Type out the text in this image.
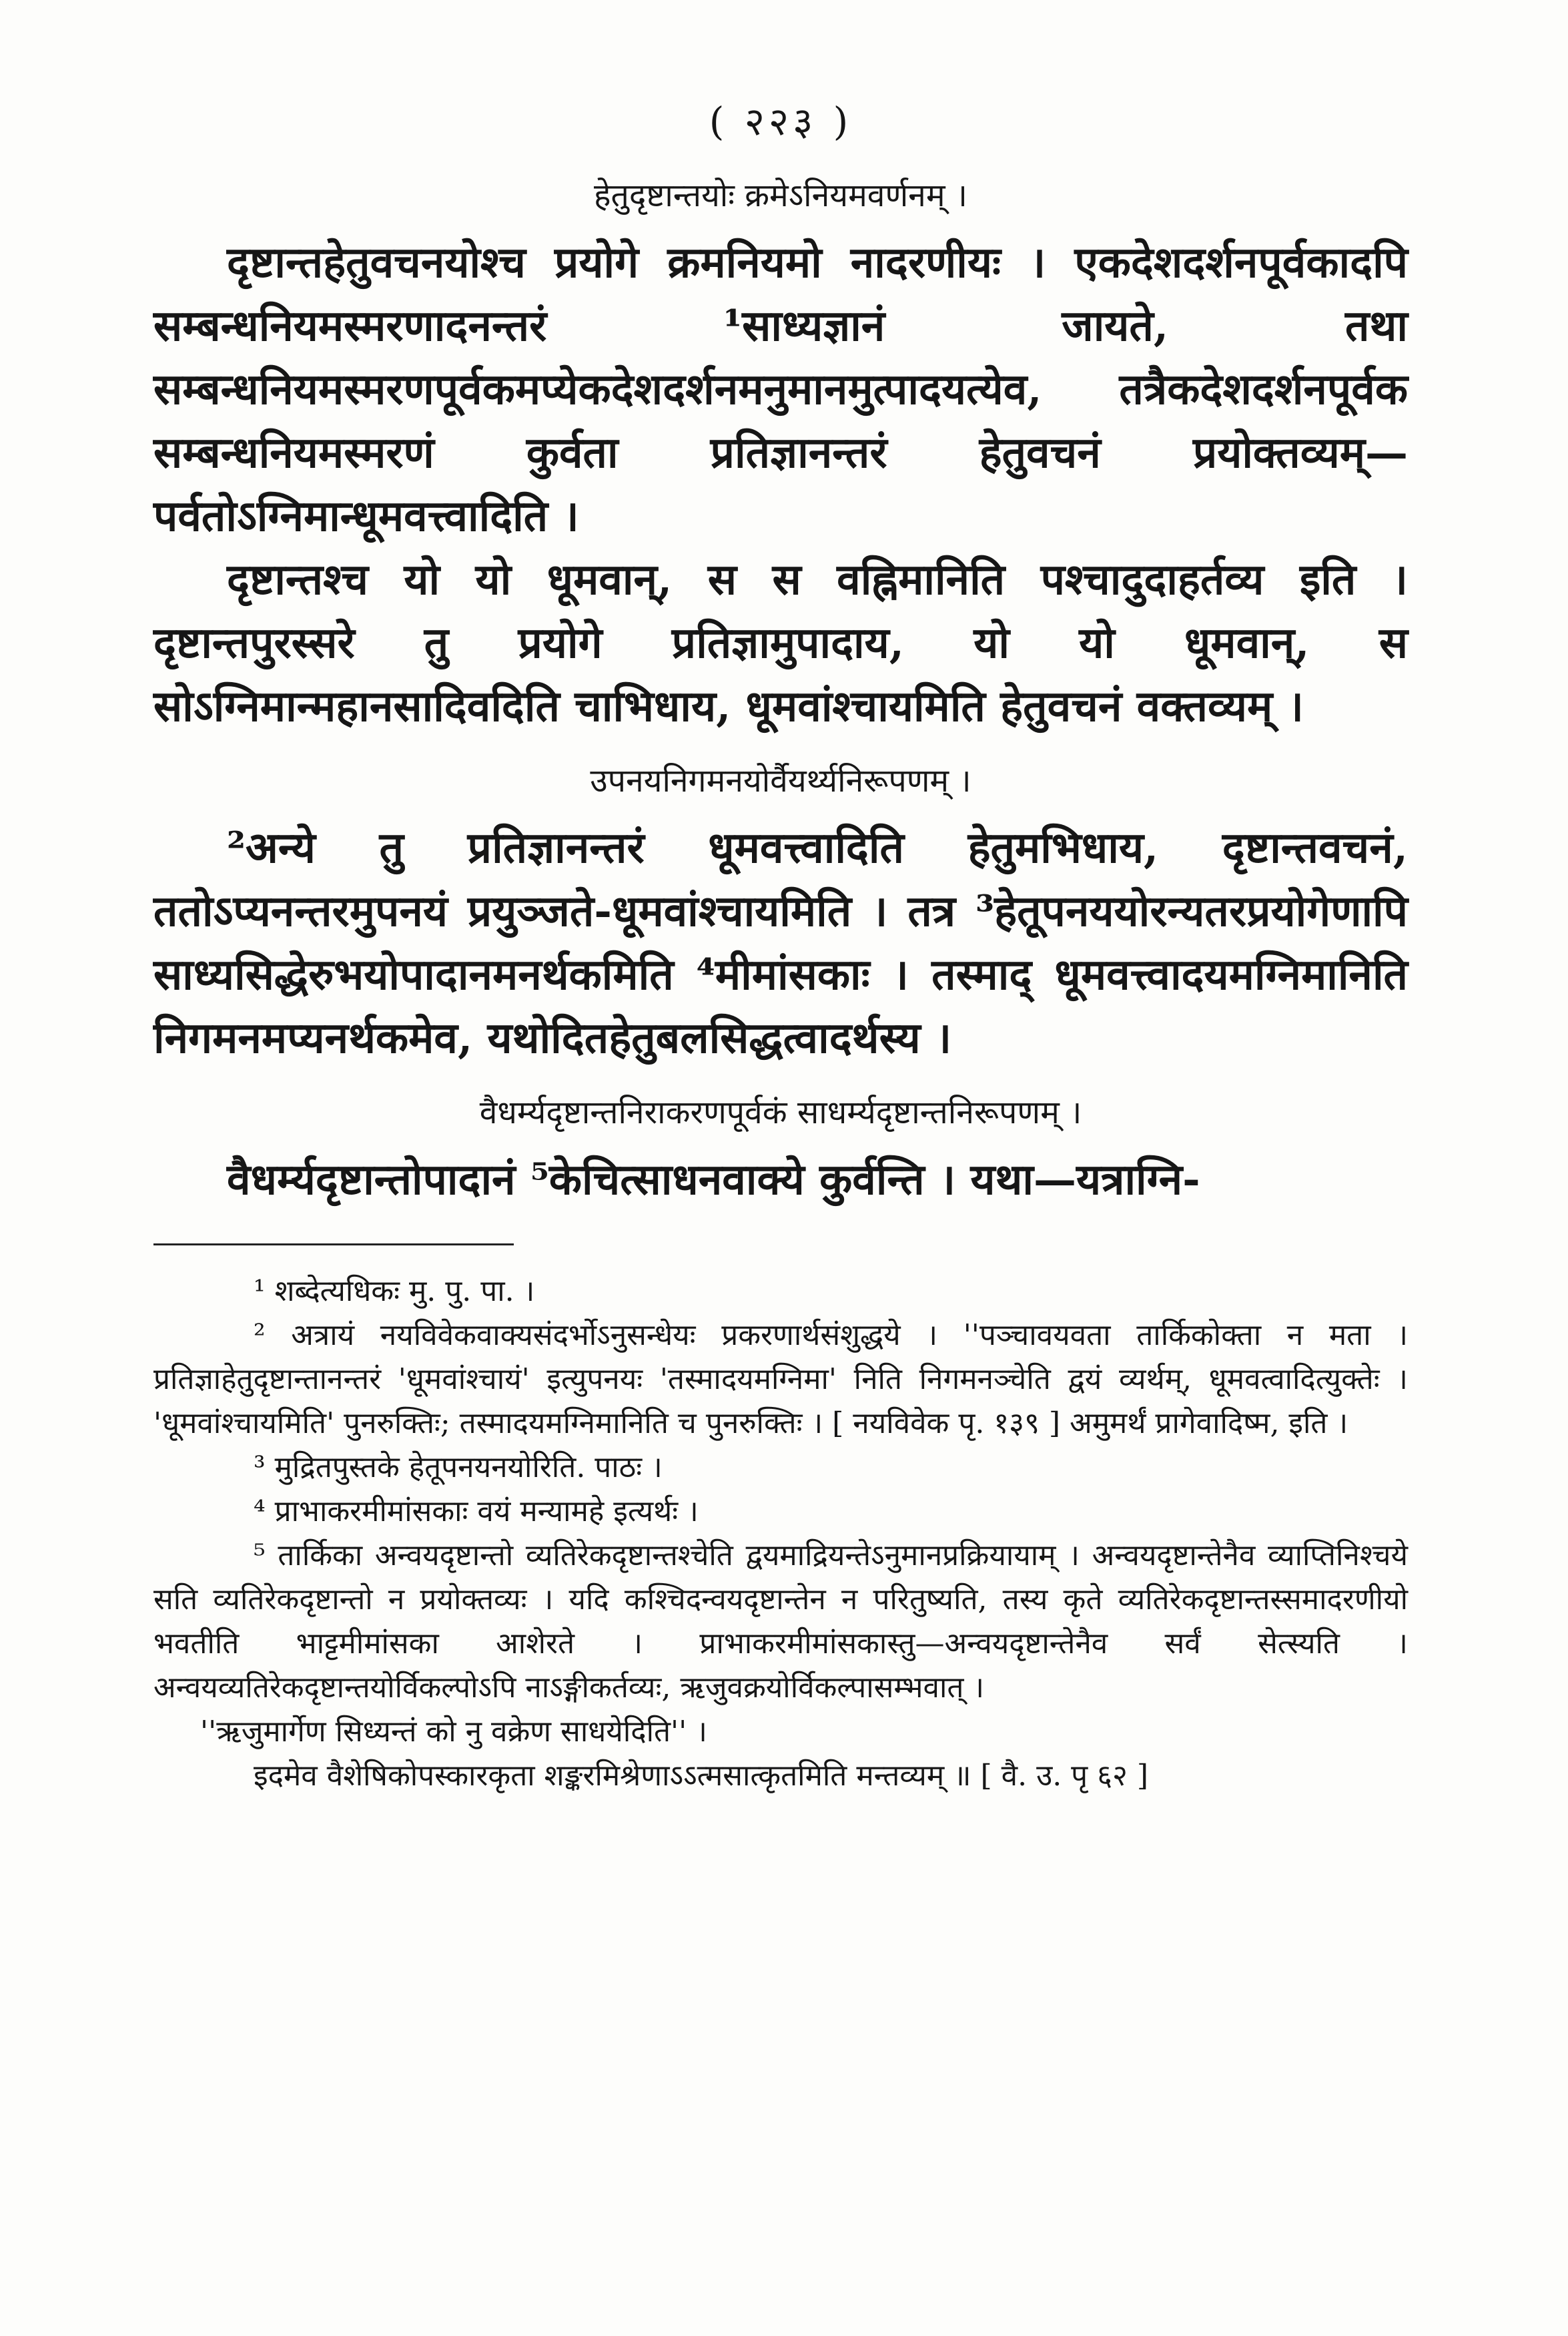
( २२३ )
हेतुदृष्टान्तयोः क्रमेऽनियमवर्णनम् ।

दृष्टान्तहेतुवचनयोश्च प्रयोगे क्रमनियमो नादरणीयः । एकदेशदर्शनपूर्वकादपि सम्बन्धनियमस्मरणादनन्तरं ¹साध्यज्ञानं जायते, तथा सम्बन्धनियमस्मरणपूर्वकमप्येकदेशदर्शनमनुमानमुत्पादयत्येव, तत्रैकदेशदर्शनपूर्वक सम्बन्धनियमस्मरणं कुर्वता प्रतिज्ञानन्तरं हेतुवचनं प्रयोक्तव्यम्—पर्वतोऽग्निमान्धूमवत्त्वादिति ।

दृष्टान्तश्च यो यो धूमवान्, स स वह्निमानिति पश्चादुदाहर्तव्य इति । दृष्टान्तपुरस्सरे तु प्रयोगे प्रतिज्ञामुपादाय, यो यो धूमवान्, स सोऽग्निमान्महानसादिवदिति चाभिधाय, धूमवांश्चायमिति हेतुवचनं वक्तव्यम् ।

उपनयनिगमनयोर्वैयर्थ्यनिरूपणम् ।

²अन्ये तु प्रतिज्ञानन्तरं धूमवत्त्वादिति हेतुमभिधाय, दृष्टान्तवचनं, ततोऽप्यनन्तरमुपनयं प्रयुञ्जते-धूमवांश्चायमिति । तत्र ³हेतूपनययोरन्यतरप्रयोगेणापि साध्यसिद्धेरुभयोपादानमनर्थकमिति ⁴मीमांसकाः । तस्माद् धूमवत्त्वादयमग्निमानिति निगमनमप्यनर्थकमेव, यथोदितहेतुबलसिद्धत्वादर्थस्य ।

वैधर्म्यदृष्टान्तनिराकरणपूर्वकं साधर्म्यदृष्टान्तनिरूपणम् ।

वैधर्म्यदृष्टान्तोपादानं ⁵केचित्साधनवाक्ये कुर्वन्ति । यथा—यत्राग्नि-

¹ शब्देत्यधिकः मु. पु. पा. ।

² अत्रायं नयविवेकवाक्यसंदर्भोऽनुसन्धेयः प्रकरणार्थसंशुद्धये । ''पञ्चावयवता तार्किकोक्ता न मता । प्रतिज्ञाहेतुदृष्टान्तानन्तरं 'धूमवांश्चायं' इत्युपनयः 'तस्मादयमग्निमा' निति निगमनञ्चेति द्वयं व्यर्थम्, धूमवत्वादित्युक्तेः । 'धूमवांश्चायमिति' पुनरुक्तिः; तस्मादयमग्निमानिति च पुनरुक्तिः । [ नयविवेक पृ. १३९ ] अमुमर्थं प्रागेवादिष्म, इति ।

³ मुद्रितपुस्तके हेतूपनयनयोरिति. पाठः ।

⁴ प्राभाकरमीमांसकाः वयं मन्यामहे इत्यर्थः ।

⁵ तार्किका अन्वयदृष्टान्तो व्यतिरेकदृष्टान्तश्चेति द्वयमाद्रियन्तेऽनुमानप्रक्रियायाम् । अन्वयदृष्टान्तेनैव व्याप्तिनिश्चये सति व्यतिरेकदृष्टान्तो न प्रयोक्तव्यः । यदि कश्चिदन्वयदृष्टान्तेन न परितुष्यति, तस्य कृते व्यतिरेकदृष्टान्तस्समादरणीयो भवतीति भाट्टमीमांसका आशेरते । प्राभाकरमीमांसकास्तु—अन्वयदृष्टान्तेनैव सर्वं सेत्स्यति । अन्वयव्यतिरेकदृष्टान्तयोर्विकल्पोऽपि नाऽङ्गीकर्तव्यः, ऋजुवक्रयोर्विकल्पासम्भवात् ।

''ऋजुमार्गेण सिध्यन्तं को नु वक्रेण साधयेदिति'' ।

इदमेव वैशेषिकोपस्कारकृता शङ्करमिश्रेणाऽऽत्मसात्कृतमिति मन्तव्यम् ॥ [ वै. उ. पृ ६२ ]
